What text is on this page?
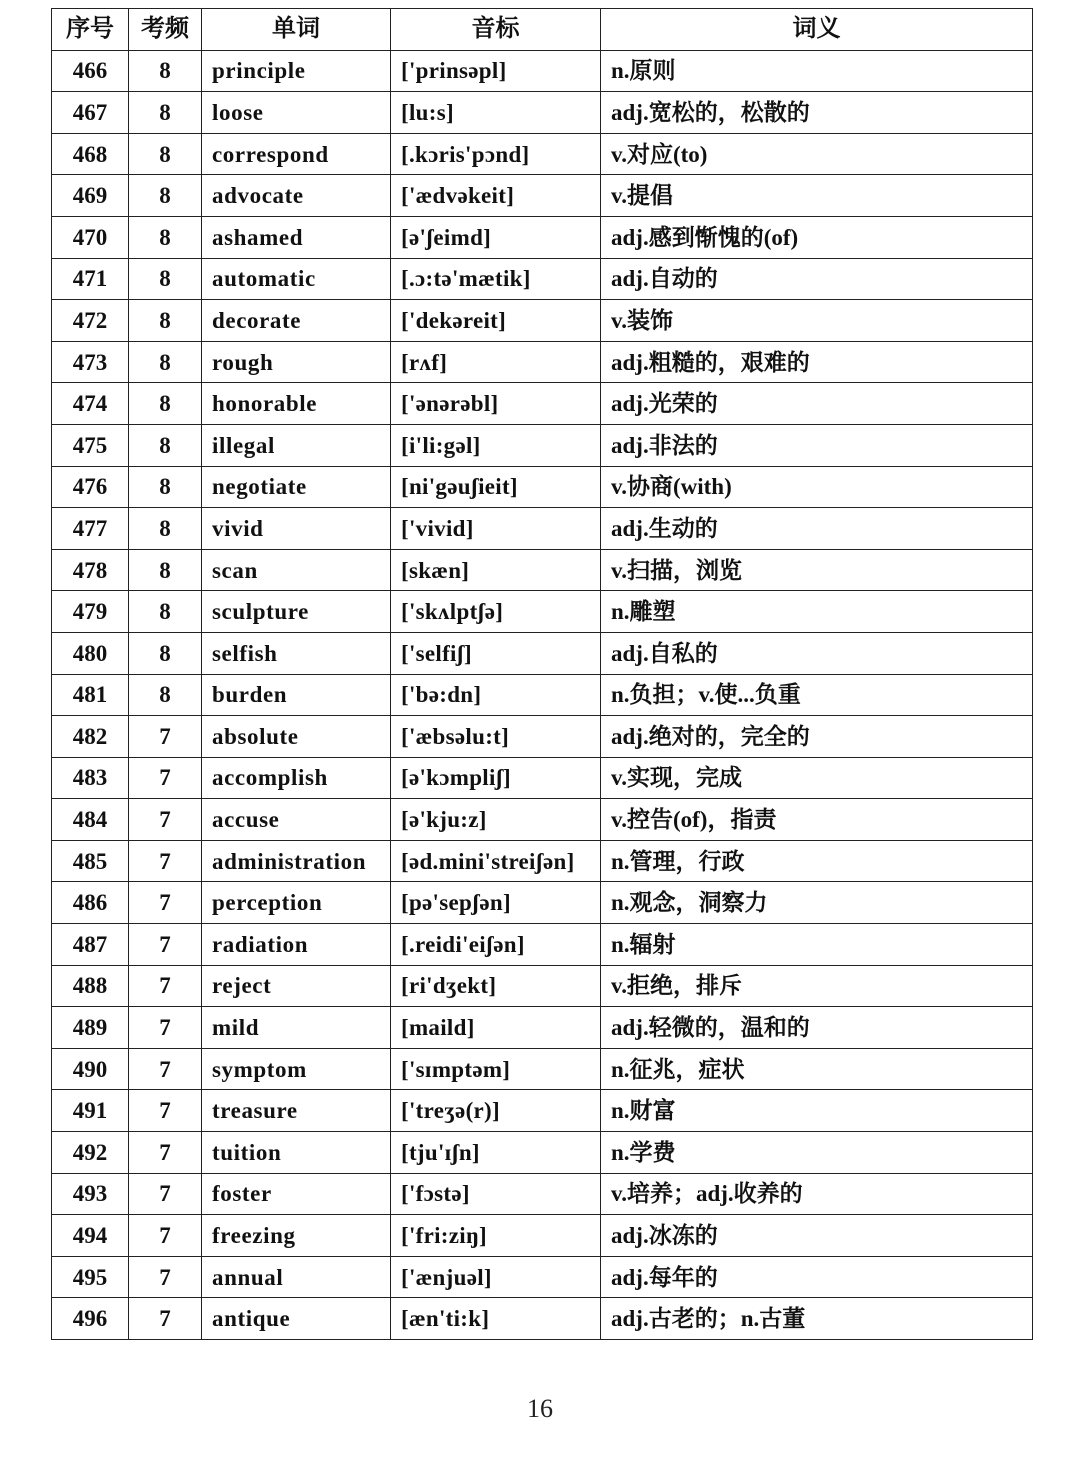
序号	考频	单词	音标	词义
466	8	principle	['prinsəpl]	n.原则
467	8	loose	[lu:s]	adj.宽松的，松散的
468	8	correspond	[.kɔris'pɔnd]	v.对应(to)
469	8	advocate	['ædvəkeit]	v.提倡
470	8	ashamed	[ə'ʃeimd]	adj.感到惭愧的(of)
471	8	automatic	[.ɔ:tə'mætik]	adj.自动的
472	8	decorate	['dekəreit]	v.装饰
473	8	rough	[rʌf]	adj.粗糙的，艰难的
474	8	honorable	['ənərəbl]	adj.光荣的
475	8	illegal	[i'li:gəl]	adj.非法的
476	8	negotiate	[ni'gəuʃieit]	v.协商(with)
477	8	vivid	['vivid]	adj.生动的
478	8	scan	[skæn]	v.扫描，浏览
479	8	sculpture	['skʌlptʃə]	n.雕塑
480	8	selfish	['selfiʃ]	adj.自私的
481	8	burden	['bə:dn]	n.负担；v.使...负重
482	7	absolute	['æbsəlu:t]	adj.绝对的，完全的
483	7	accomplish	[ə'kɔmpliʃ]	v.实现，完成
484	7	accuse	[ə'kju:z]	v.控告(of)，指责
485	7	administration	[əd.mini'streiʃən]	n.管理，行政
486	7	perception	[pə'sepʃən]	n.观念，洞察力
487	7	radiation	[.reidi'eiʃən]	n.辐射
488	7	reject	[ri'dʒekt]	v.拒绝，排斥
489	7	mild	[maild]	adj.轻微的，温和的
490	7	symptom	['sɪmptəm]	n.征兆，症状
491	7	treasure	['treʒə(r)]	n.财富
492	7	tuition	[tju'ɪʃn]	n.学费
493	7	foster	['fɔstə]	v.培养；adj.收养的
494	7	freezing	['fri:ziŋ]	adj.冰冻的
495	7	annual	['ænjuəl]	adj.每年的
496	7	antique	[æn'ti:k]	adj.古老的；n.古董
16
